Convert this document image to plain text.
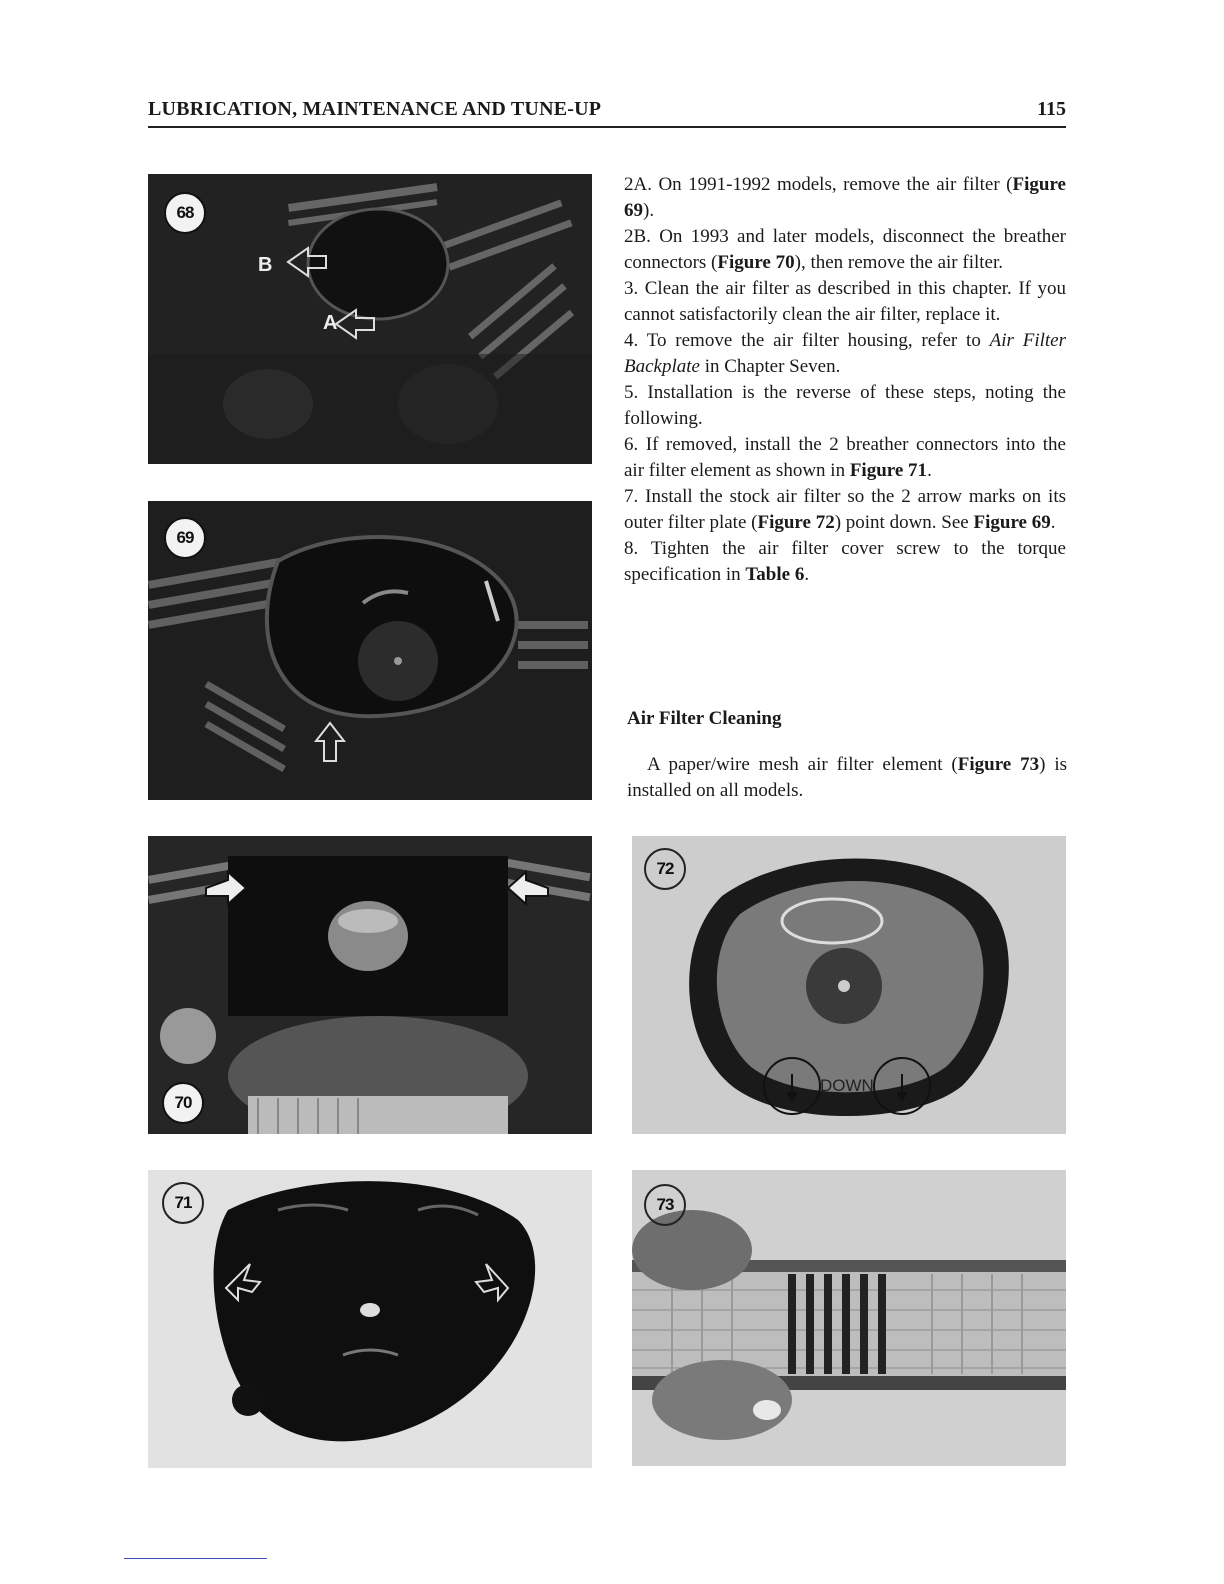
LUBRICATION, MAINTENANCE AND TUNE-UP	115
68
B
A
69
70
71
72
DOWN
73

2A. On 1991-1992 models, remove the air filter (Figure 69).

2B. On 1993 and later models, disconnect the breather connectors (Figure 70), then remove the air filter.

3. Clean the air filter as described in this chapter. If you cannot satisfactorily clean the air filter, replace it.

4. To remove the air filter housing, refer to Air Filter Backplate in Chapter Seven.

5. Installation is the reverse of these steps, noting the following.

6. If removed, install the 2 breather connectors into the air filter element as shown in Figure 71.

7. Install the stock air filter so the 2 arrow marks on its outer filter plate (Figure 72) point down. See Figure 69.

8. Tighten the air filter cover screw to the torque specification in Table 6.

Air Filter Cleaning
A paper/wire mesh air filter element (Figure 73) is installed on all models.
